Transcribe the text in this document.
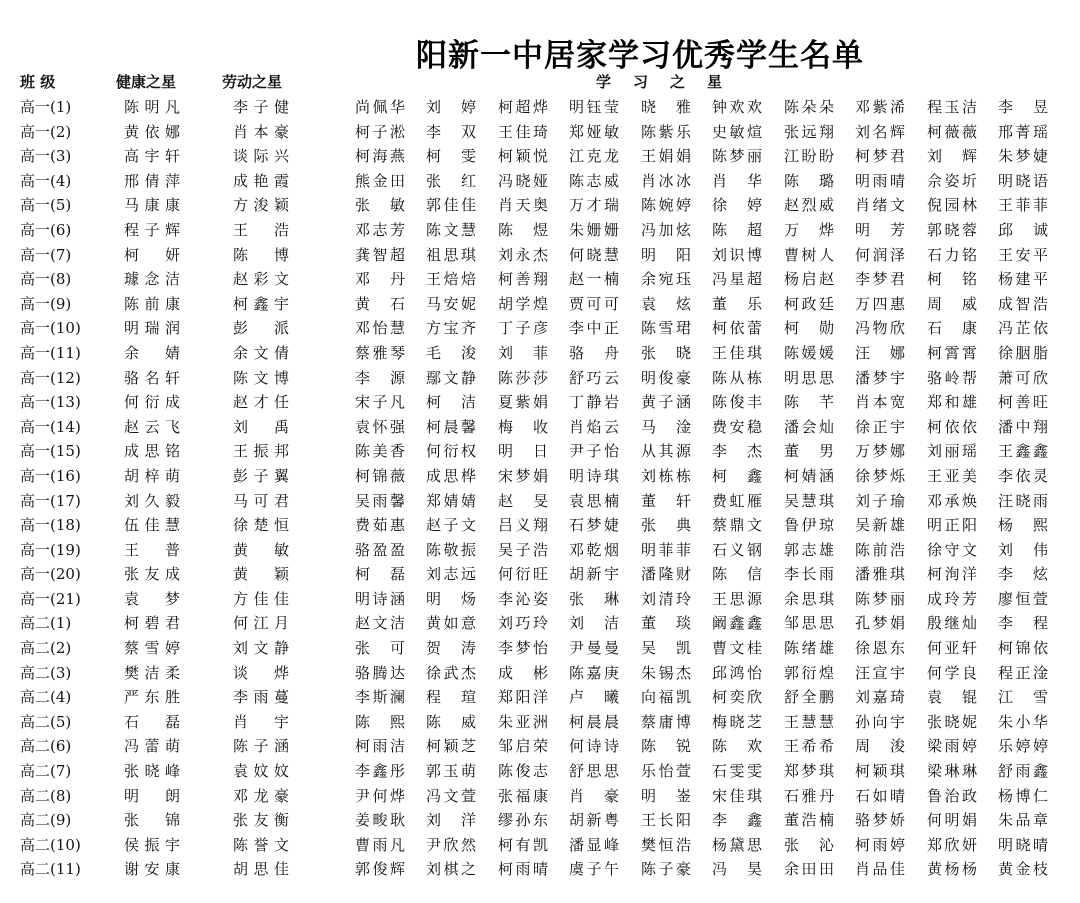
阳新一中居家学习优秀学生名单
班 级	健康之星	劳动之星	学习之星
高一(1)	陈明凡	李子健	尚佩华 刘婷 柯超烨 明钰莹 晓雅 钟欢欢 陈朵朵 邓紫浠 程玉洁 李昱
高一(2)	黄依娜	肖本豪	柯子淞 李双 王佳琦 郑娅敏 陈紫乐 史敏煊 张远翔 刘名辉 柯薇薇 邢菁瑶
高一(3)	高宇轩	谈际兴	柯海燕 柯雯 柯颖悦 江克龙 王娟娟 陈梦丽 江盼盼 柯梦君 刘辉 朱梦婕
高一(4)	邢倩萍	成艳霞	熊金田 张红 冯晓娅 陈志威 肖冰冰 肖华 陈璐 明雨晴 佘姿圻 明晓语
高一(5)	马康康	方浚颖	张敏 郭佳佳 肖天奥 万才瑞 陈婉婷 徐婷 赵烈威 肖绪文 倪园林 王菲菲
高一(6)	程子辉	王浩	邓志芳 陈文慧 陈煜 朱姗姗 冯加炫 陈超 万烨 明芳 郭晓蓉 邱诚
高一(7)	柯妍	陈博	龚智超 祖思琪 刘永杰 何晓慧 明阳 刘识博 曹树人 何润泽 石力铭 王安平
高一(8)	璩念洁	赵彩文	邓丹 王焙焙 柯善翔 赵一楠 余宛珏 冯星超 杨启赵 李梦君 柯铭 杨建平
高一(9)	陈前康	柯鑫宇	黄石 马安妮 胡学煌 贾可可 袁炫 董乐 柯政廷 万四惠 周威 成智浩
高一(10)	明瑞润	彭派	邓怡慧 方宝齐 丁子彦 李中正 陈雪珺 柯依蕾 柯勋 冯物欣 石康 冯芷依
高一(11)	余婧	余文倩	蔡雅琴 毛浚 刘菲 骆舟 张晓 王佳琪 陈媛媛 汪娜 柯霄霄 徐胭脂
高一(12)	骆名轩	陈文博	李源 鄢文静 陈莎莎 舒巧云 明俊豪 陈从栋 明思思 潘梦宇 骆岭帮 萧可欣
高一(13)	何衍成	赵才任	宋子凡 柯洁 夏紫娟 丁静岩 黄子涵 陈俊丰 陈芊 肖本宽 郑和雄 柯善旺
高一(14)	赵云飞	刘禹	袁怀强 柯晨馨 梅收 肖焰云 马淦 费安稳 潘会灿 徐正宇 柯依依 潘中翔
高一(15)	成思铭	王振邦	陈美香 何衍权 明日 尹子怡 从其源 李杰 董男 万梦娜 刘丽瑶 王鑫鑫
高一(16)	胡梓萌	彭子翼	柯锦薇 成思桦 宋梦娟 明诗琪 刘栋栋 柯鑫 柯婧涵 徐梦烁 王亚美 李依灵
高一(17)	刘久毅	马可君	吴雨馨 郑婧婧 赵旻 袁思楠 董轩 费虹雁 吴慧琪 刘子瑜 邓承焕 汪晓雨
高一(18)	伍佳慧	徐楚恒	费茹惠 赵子文 吕义翔 石梦婕 张典 蔡鼎文 鲁伊琼 吴新雄 明正阳 杨熙
高一(19)	王普	黄敏	骆盈盈 陈敬振 吴子浩 邓乾烟 明菲菲 石义钢 郭志雄 陈前浩 徐守文 刘伟
高一(20)	张友成	黄颖	柯磊 刘志远 何衍旺 胡新宇 潘隆财 陈信 李长雨 潘雅琪 柯洵洋 李炫
高一(21)	袁梦	方佳佳	明诗涵 明炀 李沁姿 张琳 刘清玲 王思源 余思琪 陈梦丽 成玲芳 廖恒萱
高二(1)	柯碧君	何江月	赵文洁 黄如意 刘巧玲 刘洁 董琰 阚鑫鑫 邹思思 孔梦娟 殷继灿 李程
高二(2)	蔡雪婷	刘文静	张可 贺涛 李梦怡 尹曼曼 吴凯 曹文桂 陈绪雄 徐恩东 何亚轩 柯锦依
高二(3)	樊洁柔	谈烨	骆腾达 徐武杰 成彬 陈嘉庚 朱锡杰 邱鸿怡 郭衍煌 汪宣宇 何学良 程正淦
高二(4)	严东胜	李雨蔓	李斯澜 程瑄 郑阳洋 卢曦 向福凯 柯奕欣 舒全鹏 刘嘉琦 袁锟 江雪
高二(5)	石磊	肖宇	陈熙 陈威 朱亚洲 柯晨晨 蔡庸博 梅晓芝 王慧慧 孙向宇 张晓妮 朱小华
高二(6)	冯蕾萌	陈子涵	柯雨洁 柯颖芝 邹启荣 何诗诗 陈锐 陈欢 王希希 周浚 梁雨婷 乐婷婷
高二(7)	张晓峰	袁妏妏	李鑫彤 郭玉萌 陈俊志 舒思思 乐怡萱 石雯雯 郑梦琪 柯颖琪 梁琳琳 舒雨鑫
高二(8)	明朗	邓龙豪	尹何烨 冯文萱 张福康 肖豪 明崟 宋佳琪 石雅丹 石如晴 鲁治政 杨博仁
高二(9)	张锦	张友衡	姜畯耿 刘洋 缪孙东 胡新粤 王长阳 李鑫 董浩楠 骆梦娇 何明娟 朱品章
高二(10)	侯振宇	陈誉文	曹雨凡 尹欣然 柯有凯 潘显峰 樊恒浩 杨黛思 张沁 柯雨婷 郑欣妍 明晓晴
高二(11)	谢安康	胡思佳	郭俊辉 刘棋之 柯雨晴 虞子午 陈子豪 冯昊 余田田 肖品佳 黄杨杨 黄金枝
